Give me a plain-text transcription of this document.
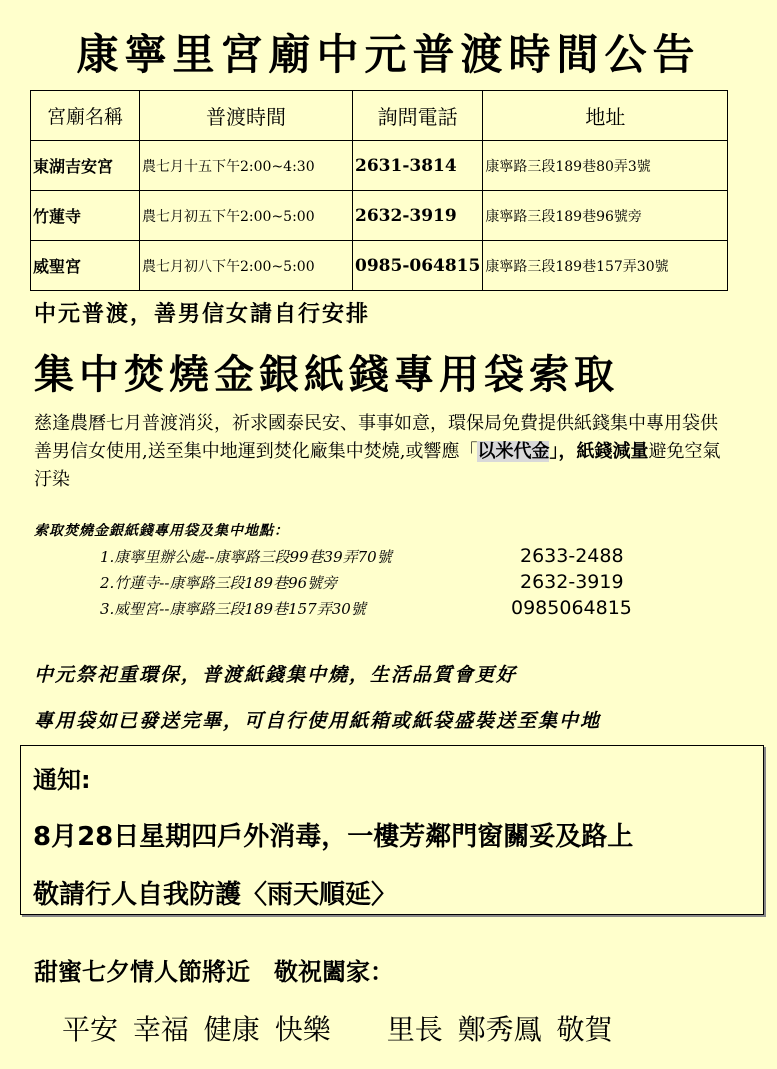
康寧里宮廟中元普渡時間公告
宮廟名稱	普渡時間	詢問電話	地址
東湖吉安宮	農七月十五下午2:00~4:30	2631-3814	康寧路三段189巷80弄3號
竹蓮寺	農七月初五下午2:00~5:00	2632-3919	康寧路三段189巷96號旁
威聖宮	農七月初八下午2:00~5:00	0985-064815	康寧路三段189巷157弄30號
中元普渡，善男信女請自行安排
集中焚燒金銀紙錢專用袋索取
慈逢農曆七月普渡消災，祈求國泰民安、事事如意，環保局免費提供紙錢集中專用袋供善男信女使用,送至集中地運到焚化廠集中焚燒,或響應「以米代金」，紙錢減量避免空氣汙染
索取焚燒金銀紙錢專用袋及集中地點：
1.康寧里辦公處--康寧路三段99巷39弄70號	2633-2488
2.竹蓮寺--康寧路三段189巷96號旁	2632-3919
3.威聖宮--康寧路三段189巷157弄30號	0985064815
中元祭祀重環保，普渡紙錢集中燒，生活品質會更好
專用袋如已發送完畢，可自行使用紙箱或紙袋盛裝送至集中地
通知:
8月28日星期四戶外消毒，一樓芳鄰門窗關妥及路上
敬請行人自我防護〈雨天順延〉
甜蜜七夕情人節將近　敬祝闔家：
平安 幸福 健康 快樂　　里長 鄭秀鳳 敬賀
